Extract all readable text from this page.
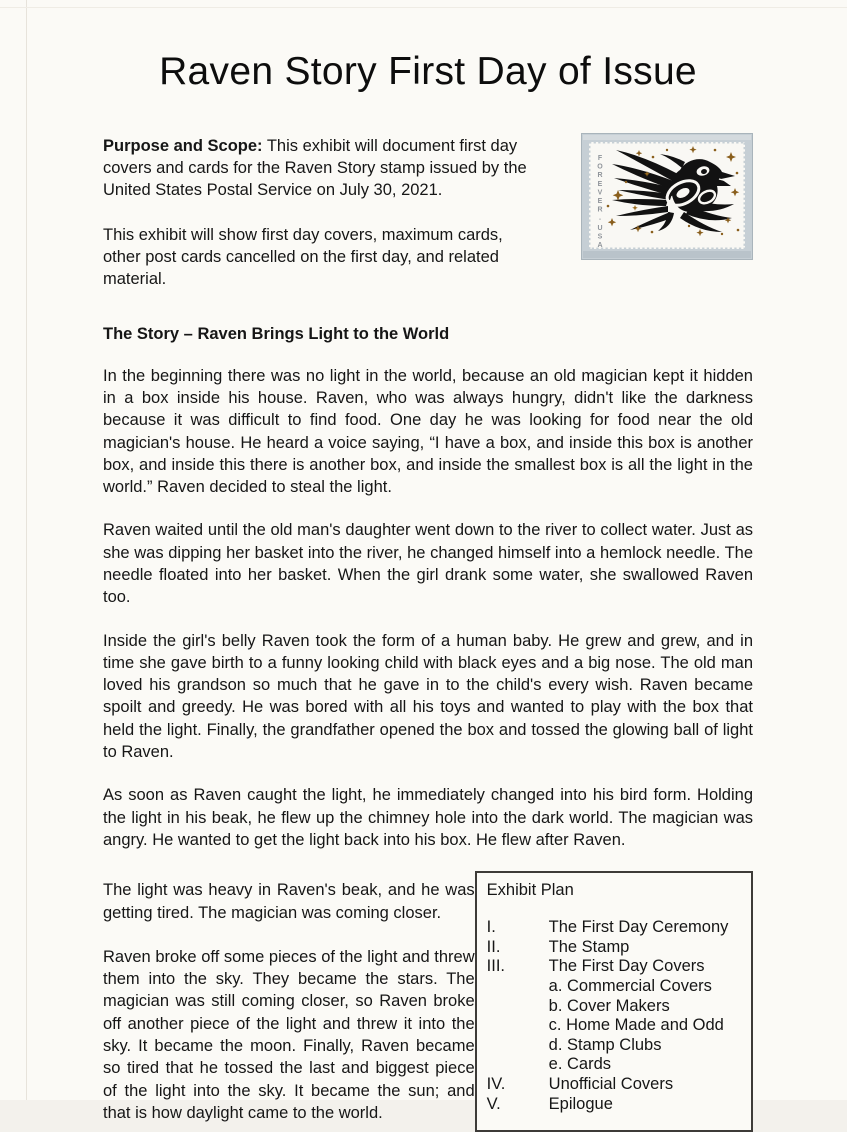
Raven Story First Day of Issue
Purpose and Scope: This exhibit will document first day covers and cards for the Raven Story stamp issued by the United States Postal Service on July 30, 2021.
This exhibit will show first day covers, maximum cards, other post cards cancelled on the first day, and related material.
FOREVER
-
USA
The Story – Raven Brings Light to the World
In the beginning there was no light in the world, because an old magician kept it hidden in a box inside his house. Raven, who was always hungry, didn't like the darkness because it was difficult to find food. One day he was looking for food near the old magician's house. He heard a voice saying, “I have a box, and inside this box is another box, and inside this there is another box, and inside the smallest box is all the light in the world.” Raven decided to steal the light.
Raven waited until the old man's daughter went down to the river to collect water. Just as she was dipping her basket into the river, he changed himself into a hemlock needle. The needle floated into her basket. When the girl drank some water, she swallowed Raven too.
Inside the girl's belly Raven took the form of a human baby. He grew and grew, and in time she gave birth to a funny looking child with black eyes and a big nose. The old man loved his grandson so much that he gave in to the child's every wish. Raven became spoilt and greedy. He was bored with all his toys and wanted to play with the box that held the light. Finally, the grandfather opened the box and tossed the glowing ball of light to Raven.
As soon as Raven caught the light, he immediately changed into his bird form. Holding the light in his beak, he flew up the chimney hole into the dark world. The magician was angry. He wanted to get the light back into his box. He flew after Raven.
The light was heavy in Raven's beak, and he was getting tired. The magician was coming closer.
Raven broke off some pieces of the light and threw them into the sky. They became the stars. The magician was still coming closer, so Raven broke off another piece of the light and threw it into the sky. It became the moon. Finally, Raven became so tired that he tossed the last and biggest piece of the light into the sky. It became the sun; and that is how daylight came to the world.
Exhibit Plan
I.	The First Day Ceremony
II.	The Stamp
III.	The First Day Covers
a. Commercial Covers
b. Cover Makers
c. Home Made and Odd
d. Stamp Clubs
e. Cards
IV.	Unofficial Covers
V.	Epilogue
